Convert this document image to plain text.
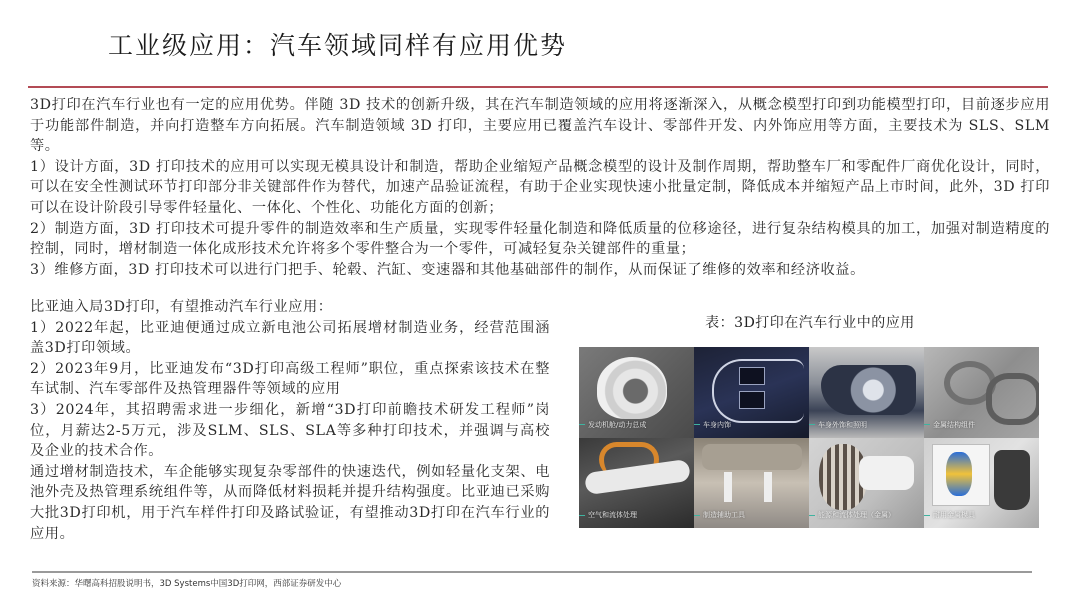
工业级应用：汽车领域同样有应用优势

3D打印在汽车行业也有一定的应用优势。伴随 3D 技术的创新升级，其在汽车制造领域的应用将逐渐深入，从概念模型打印到功能模型打印，目前逐步应用于功能部件制造，并向打造整车方向拓展。汽车制造领域 3D 打印，主要应用已覆盖汽车设计、零部件开发、内外饰应用等方面，主要技术为 SLS、SLM 等。

1）设计方面，3D 打印技术的应用可以实现无模具设计和制造，帮助企业缩短产品概念模型的设计及制作周期，帮助整车厂和零配件厂商优化设计，同时，可以在安全性测试环节打印部分非关键部件作为替代，加速产品验证流程，有助于企业实现快速小批量定制，降低成本并缩短产品上市时间，此外，3D 打印可以在设计阶段引导零件轻量化、一体化、个性化、功能化方面的创新；

2）制造方面，3D 打印技术可提升零件的制造效率和生产质量，实现零件轻量化制造和降低质量的位移途径，进行复杂结构模具的加工，加强对制造精度的控制，同时，增材制造一体化成形技术允许将多个零件整合为一个零件，可减轻复杂关键部件的重量；

3）维修方面，3D 打印技术可以进行门把手、轮毂、汽缸、变速器和其他基础部件的制作，从而保证了维修的效率和经济收益。

比亚迪入局3D打印，有望推动汽车行业应用：

1）2022年起，比亚迪便通过成立新电池公司拓展增材制造业务，经营范围涵盖3D打印领域。

2）2023年9月，比亚迪发布“3D打印高级工程师”职位，重点探索该技术在整车试制、汽车零部件及热管理器件等领域的应用

3）2024年，其招聘需求进一步细化，新增“3D打印前瞻技术研发工程师”岗位，月薪达2-5万元，涉及SLM、SLS、SLA等多种打印技术，并强调与高校及企业的技术合作。

通过增材制造技术，车企能够实现复杂零部件的快速迭代，例如轻量化支架、电池外壳及热管理系统组件等，从而降低材料损耗并提升结构强度。比亚迪已采购大批3D打印机，用于汽车样件打印及路试验证，有望推动3D打印在汽车行业的应用。

表：3D打印在汽车行业中的应用
发动机舱/动力总成	车身内饰	车身外饰和照明	金属结构组件
空气和流体处理	制造辅助工具	能源和流体处理（金属）	耐用金属模具
资料来源：华曙高科招股说明书，3D Systems中国3D打印网，西部证券研发中心
